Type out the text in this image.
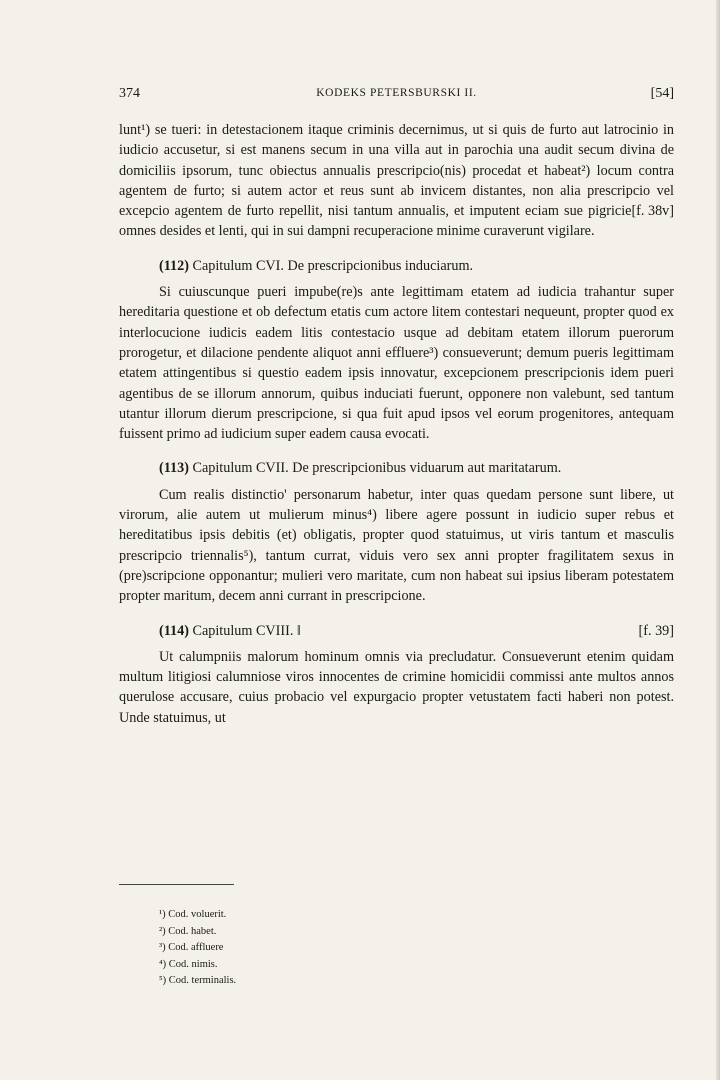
374	KODEKS PETERSBURSKI II.	[54]

lunt¹) se tueri: in detestacionem itaque criminis decernimus, ut si quis de furto aut latrocinio in iudicio accusetur, si est manens secum in una villa aut in parochia una audit secum divina de domiciliis ipsorum, tunc obiectus annualis prescripcio(nis) procedat et habeat²) locum contra agentem de furto; si autem actor et reus sunt ab invicem distantes, non alia prescripcio vel excepcio agentem de furto repellit, nisi tantum annualis, et imputent	[f. 38v]
eciam sue pigricie omnes desides et lenti, qui in sui dampni recuperacione minime curaverunt vigilare.

(112) Capitulum CVI. De prescripcionibus induciarum.

Si cuiuscunque pueri impube(re)s ante legittimam etatem ad iudicia trahantur super hereditaria questione et ob defectum etatis cum actore litem contestari nequeunt, propter quod ex interlocucione iudicis eadem litis contestacio usque ad debitam etatem illorum puerorum prorogetur, et dilacione pendente aliquot anni effluere³) consueverunt; demum pueris legittimam etatem attingentibus si questio eadem ipsis innovatur, excepcionem prescripcionis idem pueri agentibus de se illorum annorum, quibus induciati fuerunt, opponere non valebunt, sed tantum utantur illorum dierum prescripcione, si qua fuit apud ipsos vel eorum progenitores, antequam fuissent primo ad iudicium super eadem causa evocati.

(113) Capitulum CVII. De prescripcionibus viduarum aut maritatarum.

Cum realis distinctio' personarum habetur, inter quas quedam persone sunt libere, ut virorum, alie autem ut mulierum minus⁴) libere agere possunt in iudicio super rebus et hereditatibus ipsis debitis (et) obligatis, propter quod statuimus, ut viris tantum et masculis prescripcio triennalis⁵), tantum currat, viduis vero sex anni propter fragilitatem sexus in (pre)scripcione opponantur; mulieri vero maritate, cum non habeat sui ipsius liberam potestatem propter maritum, decem anni currant in prescripcione.

(114) Capitulum CVIII. ‖	[f. 39]

Ut calumpniis malorum hominum omnis via precludatur. Consueverunt etenim quidam multum litigiosi calumniose viros innocentes de crimine homicidii commissi ante multos annos querulose accusare, cuius probacio vel expurgacio propter vetustatem facti haberi non potest. Unde statuimus, ut

¹) Cod. voluerit.
²) Cod. habet.
³) Cod. affluere
⁴) Cod. nimis.
⁵) Cod. terminalis.
